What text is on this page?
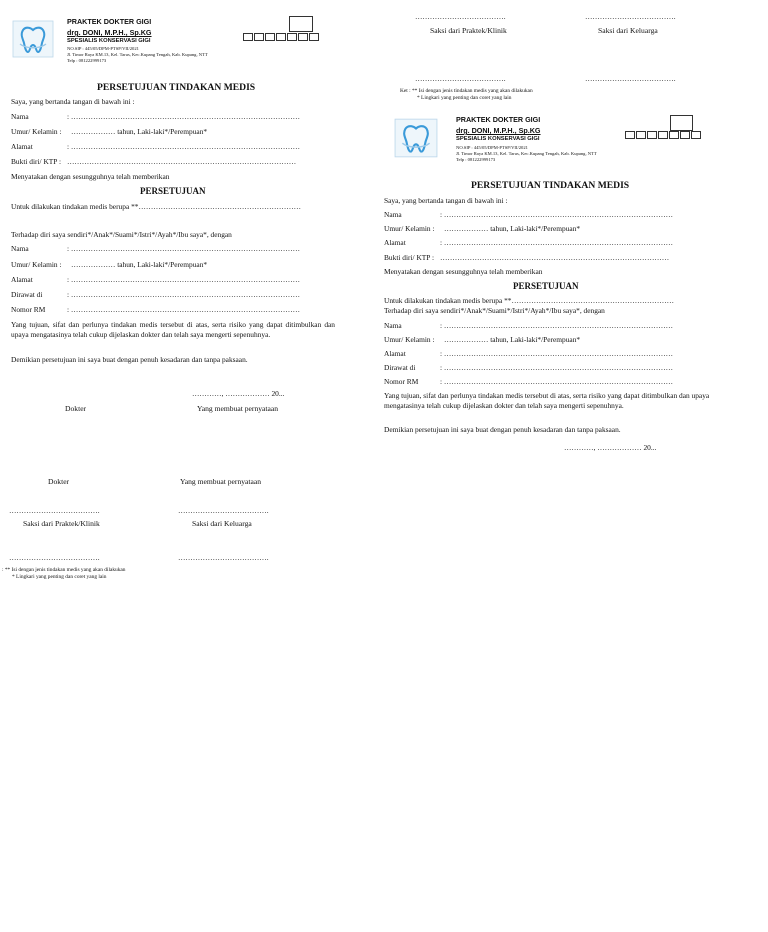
PRAKTEK DOKTER GIGI
drg. DONI, M.P.H., Sp.KG
SPESIALIS KONSERVASI GIGI
NO.SIP : 445/05/DPM-PTSP/VII/2021
Jl. Timor Raya KM.13, Kel. Tarus, Kec.Kupang Tengah, Kab. Kupang, NTT
Telp : 081222999173
PERSETUJUAN TINDAKAN MEDIS
Saya, yang bertanda tangan di bawah ini :
Nama	: …………………………………………………………………………………
Umur/ Kelamin : ……………… tahun, Laki-laki*/Perempuan*
Alamat	: …………………………………………………………………………………
Bukti diri/ KTP : …………………………………………………………………………………
Menyatakan dengan sesungguhnya telah memberikan
PERSETUJUAN
Untuk dilakukan tindakan medis berupa **…………………………………………………………
Terhadap diri saya sendiri*/Anak*/Suami*/Istri*/Ayah*/Ibu saya*, dengan
Nama	: …………………………………………………………………………………
Umur/ Kelamin : ……………… tahun, Laki-laki*/Perempuan*
Alamat	: …………………………………………………………………………………
Dirawat di	: …………………………………………………………………………………
Nomor RM	: …………………………………………………………………………………
Yang tujuan, sifat dan perlunya tindakan medis tersebut di atas, serta risiko yang dapat ditimbulkan dan upaya mengatasinya telah cukup dijelaskan dokter dan telah saya mengerti sepenuhnya.
Demikian persetujuan ini saya buat dengan penuh kesadaran dan tanpa paksaan.
…………, ……………… 20...
Dokter	Yang membuat pernyataan
Dokter	Yang membuat pernyataan
……………………………….	……………………………….
Saksi dari Praktek/Klinik	Saksi dari Keluarga
……………………………….	……………………………….
: ** Isi dengan jenis tindakan medis yang akan dilakukan
* Lingkari yang penting dan coret yang lain
……………………………….	……………………………….
Saksi dari Praktek/Klinik	Saksi dari Keluarga
……………………………….	……………………………….
Ket : ** Isi dengan jenis tindakan medis yang akan dilakukan
* Lingkari yang penting dan coret yang lain
PRAKTEK DOKTER GIGI
drg. DONI, M.P.H., Sp.KG
SPESIALIS KONSERVASI GIGI
NO.SIP : 445/05/DPM-PTSP/VII/2021
Jl. Timor Raya KM.13, Kel. Tarus, Kec.Kupang Tengah, Kab. Kupang, NTT
Telp : 081222999173
PERSETUJUAN TINDAKAN MEDIS
Saya, yang bertanda tangan di bawah ini :
Nama	: …………………………………………………………………………………
Umur/ Kelamin : ……………… tahun, Laki-laki*/Perempuan*
Alamat	: …………………………………………………………………………………
Bukti diri/ KTP : …………………………………………………………………………………
Menyatakan dengan sesungguhnya telah memberikan
PERSETUJUAN
Untuk dilakukan tindakan medis berupa **…………………………………………………………
Terhadap diri saya sendiri*/Anak*/Suami*/Istri*/Ayah*/Ibu saya*, dengan
Nama	: …………………………………………………………………………………
Umur/ Kelamin : ……………… tahun, Laki-laki*/Perempuan*
Alamat	: …………………………………………………………………………………
Dirawat di	: …………………………………………………………………………………
Nomor RM	: …………………………………………………………………………………
Yang tujuan, sifat dan perlunya tindakan medis tersebut di atas, serta risiko yang dapat ditimbulkan dan upaya mengatasinya telah cukup dijelaskan dokter dan telah saya mengerti sepenuhnya.
Demikian persetujuan ini saya buat dengan penuh kesadaran dan tanpa paksaan.
…………, ……………… 20...
